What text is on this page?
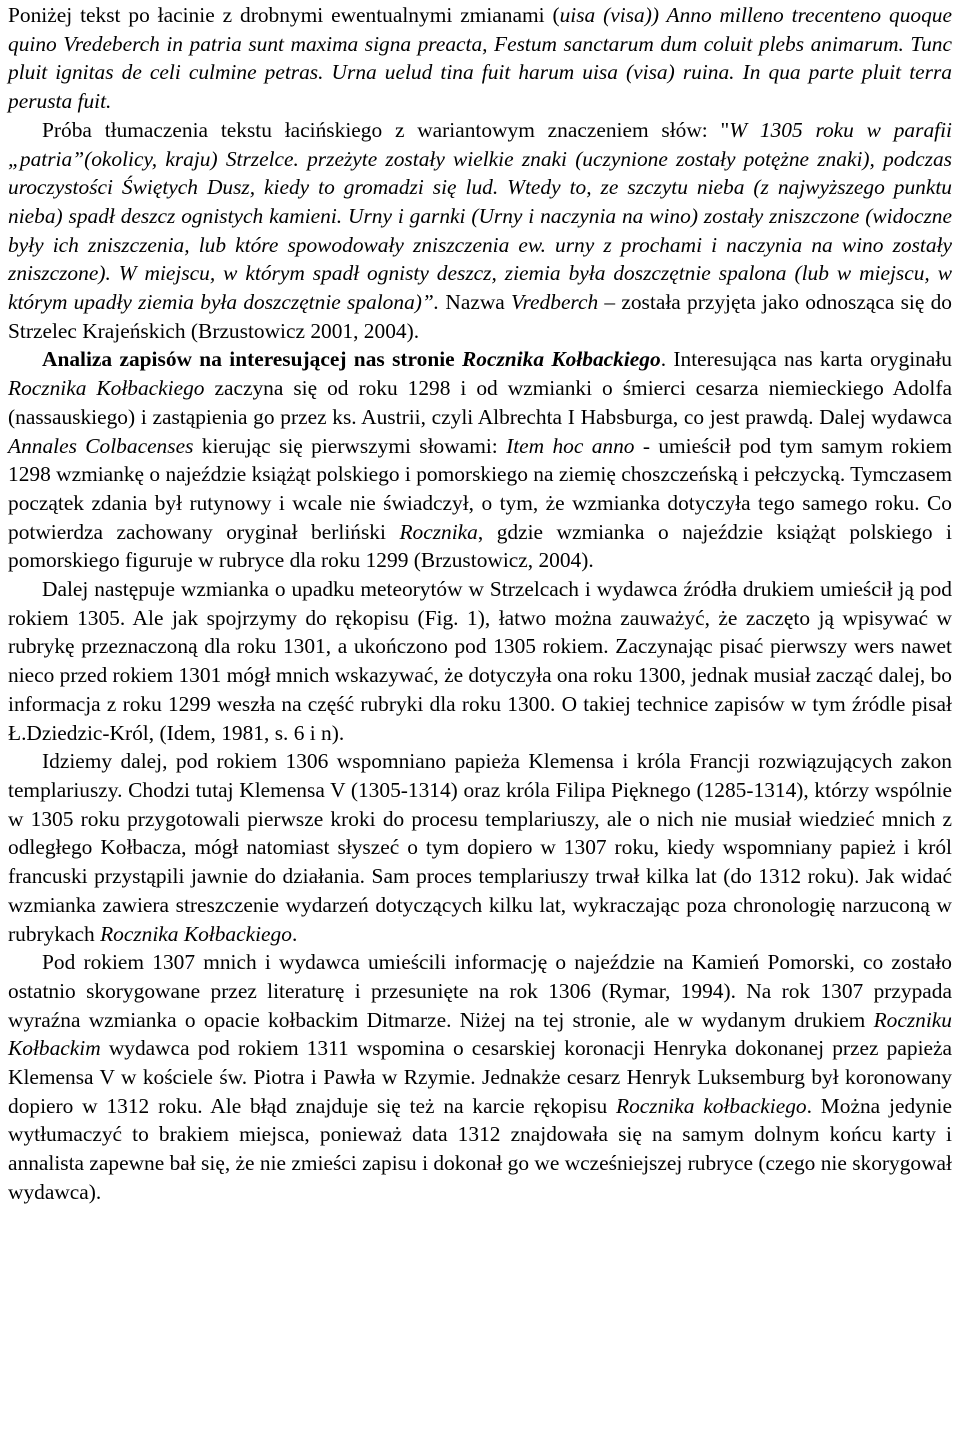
Poniżej tekst po łacinie z drobnymi ewentualnymi zmianami (uisa (visa)) Anno milleno trecenteno quoque quino Vredeberch in patria sunt maxima signa preacta, Festum sanctarum dum coluit plebs animarum. Tunc pluit ignitas de celi culmine petras. Urna uelud tina fuit harum uisa (visa) ruina. In qua parte pluit terra perusta fuit.

Próba tłumaczenia tekstu łacińskiego z wariantowym znaczeniem słów: "W 1305 roku w parafii „patria”(okolicy, kraju) Strzelce. przeżyte zostały wielkie znaki (uczynione zostały potężne znaki), podczas uroczystości Świętych Dusz, kiedy to gromadzi się lud. Wtedy to, ze szczytu nieba (z najwyższego punktu nieba) spadł deszcz ognistych kamieni. Urny i garnki (Urny i naczynia na wino) zostały zniszczone (widoczne były ich zniszczenia, lub które spowodowały zniszczenia ew. urny z prochami i naczynia na wino zostały zniszczone). W miejscu, w którym spadł ognisty deszcz, ziemia była doszczętnie spalona (lub w miejscu, w którym upadły ziemia była doszczętnie spalona)”. Nazwa Vredberch – została przyjęta jako odnosząca się do Strzelec Krajeńskich (Brzustowicz 2001, 2004).

Analiza zapisów na interesującej nas stronie Rocznika Kołbackiego. Interesująca nas karta oryginału Rocznika Kołbackiego zaczyna się od roku 1298 i od wzmianki o śmierci cesarza niemieckiego Adolfa (nassauskiego) i zastąpienia go przez ks. Austrii, czyli Albrechta I Habsburga, co jest prawdą. Dalej wydawca Annales Colbacenses kierując się pierwszymi słowami: Item hoc anno - umieścił pod tym samym rokiem 1298 wzmiankę o najeździe książąt polskiego i pomorskiego na ziemię choszczeńską i pełczycką. Tymczasem początek zdania był rutynowy i wcale nie świadczył, o tym, że wzmianka dotyczyła tego samego roku. Co potwierdza zachowany oryginał berliński Rocznika, gdzie wzmianka o najeździe książąt polskiego i pomorskiego figuruje w rubryce dla roku 1299 (Brzustowicz, 2004).

Dalej następuje wzmianka o upadku meteorytów w Strzelcach i wydawca źródła drukiem umieścił ją pod rokiem 1305. Ale jak spojrzymy do rękopisu (Fig. 1), łatwo można zauważyć, że zaczęto ją wpisywać w rubrykę przeznaczoną dla roku 1301, a ukończono pod 1305 rokiem. Zaczynając pisać pierwszy wers nawet nieco przed rokiem 1301 mógł mnich wskazywać, że dotyczyła ona roku 1300, jednak musiał zacząć dalej, bo informacja z roku 1299 weszła na część rubryki dla roku 1300. O takiej technice zapisów w tym źródle pisał Ł.Dziedzic-Król, (Idem, 1981, s. 6 i n).

Idziemy dalej, pod rokiem 1306 wspomniano papieża Klemensa i króla Francji rozwiązujących zakon templariuszy. Chodzi tutaj Klemensa V (1305-1314) oraz króla Filipa Pięknego (1285-1314), którzy wspólnie w 1305 roku przygotowali pierwsze kroki do procesu templariuszy, ale o nich nie musiał wiedzieć mnich z odległego Kołbacza, mógł natomiast słyszeć o tym dopiero w 1307 roku, kiedy wspomniany papież i król francuski przystąpili jawnie do działania. Sam proces templariuszy trwał kilka lat (do 1312 roku). Jak widać wzmianka zawiera streszczenie wydarzeń dotyczących kilku lat, wykraczając poza chronologię narzuconą w rubrykach Rocznika Kołbackiego.

Pod rokiem 1307 mnich i wydawca umieścili informację o najeździe na Kamień Pomorski, co zostało ostatnio skorygowane przez literaturę i przesunięte na rok 1306 (Rymar, 1994). Na rok 1307 przypada wyraźna wzmianka o opacie kołbackim Ditmarze. Niżej na tej stronie, ale w wydanym drukiem Roczniku Kołbackim wydawca pod rokiem 1311 wspomina o cesarskiej koronacji Henryka dokonanej przez papieża Klemensa V w kościele św. Piotra i Pawła w Rzymie. Jednakże cesarz Henryk Luksemburg był koronowany dopiero w 1312 roku. Ale błąd znajduje się też na karcie rękopisu Rocznika kołbackiego. Można jedynie wytłumaczyć to brakiem miejsca, ponieważ data 1312 znajdowała się na samym dolnym końcu karty i annalista zapewne bał się, że nie zmieści zapisu i dokonał go we wcześniejszej rubryce (czego nie skorygował wydawca).
